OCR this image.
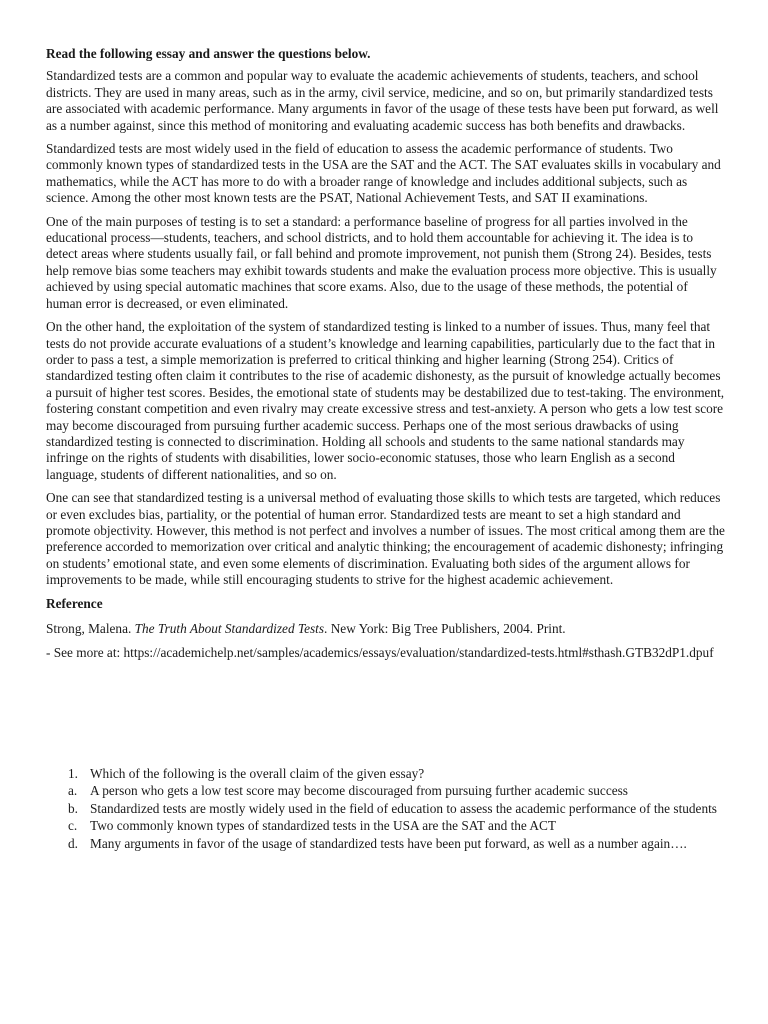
Read the following essay and answer the questions below.

Standardized tests are a common and popular way to evaluate the academic achievements of students, teachers, and school districts. They are used in many areas, such as in the army, civil service, medicine, and so on, but primarily standardized tests are associated with academic performance. Many arguments in favor of the usage of these tests have been put forward, as well as a number against, since this method of monitoring and evaluating academic success has both benefits and drawbacks.

Standardized tests are most widely used in the field of education to assess the academic performance of students. Two commonly known types of standardized tests in the USA are the SAT and the ACT. The SAT evaluates skills in vocabulary and mathematics, while the ACT has more to do with a broader range of knowledge and includes additional subjects, such as science. Among the other most known tests are the PSAT, National Achievement Tests, and SAT II examinations.

One of the main purposes of testing is to set a standard: a performance baseline of progress for all parties involved in the educational process—students, teachers, and school districts, and to hold them accountable for achieving it. The idea is to detect areas where students usually fail, or fall behind and promote improvement, not punish them (Strong 24). Besides, tests help remove bias some teachers may exhibit towards students and make the evaluation process more objective. This is usually achieved by using special automatic machines that score exams. Also, due to the usage of these methods, the potential of human error is decreased, or even eliminated.

On the other hand, the exploitation of the system of standardized testing is linked to a number of issues. Thus, many feel that tests do not provide accurate evaluations of a student’s knowledge and learning capabilities, particularly due to the fact that in order to pass a test, a simple memorization is preferred to critical thinking and higher learning (Strong 254). Critics of standardized testing often claim it contributes to the rise of academic dishonesty, as the pursuit of knowledge actually becomes a pursuit of higher test scores. Besides, the emotional state of students may be destabilized due to test-taking. The environment, fostering constant competition and even rivalry may create excessive stress and test-anxiety. A person who gets a low test score may become discouraged from pursuing further academic success. Perhaps one of the most serious drawbacks of using standardized testing is connected to discrimination. Holding all schools and students to the same national standards may infringe on the rights of students with disabilities, lower socio-economic statuses, those who learn English as a second language, students of different nationalities, and so on.

One can see that standardized testing is a universal method of evaluating those skills to which tests are targeted, which reduces or even excludes bias, partiality, or the potential of human error. Standardized tests are meant to set a high standard and promote objectivity. However, this method is not perfect and involves a number of issues. The most critical among them are the preference accorded to memorization over critical and analytic thinking; the encouragement of academic dishonesty; infringing on students’ emotional state, and even some elements of discrimination. Evaluating both sides of the argument allows for improvements to be made, while still encouraging students to strive for the highest academic achievement.

Reference
Strong, Malena. The Truth About Standardized Tests. New York: Big Tree Publishers, 2004. Print.
- See more at: https://academichelp.net/samples/academics/essays/evaluation/standardized-tests.html#sthash.GTB32dP1.dpuf
1. Which of the following is the overall claim of the given essay?
a. A person who gets a low test score may become discouraged from pursuing further academic success
b. Standardized tests are mostly widely used in the field of education to assess the academic performance of the students
c. Two commonly known types of standardized tests in the USA are the SAT and the ACT
d. Many arguments in favor of the usage of standardized tests have been put forward, as well as a number again….
